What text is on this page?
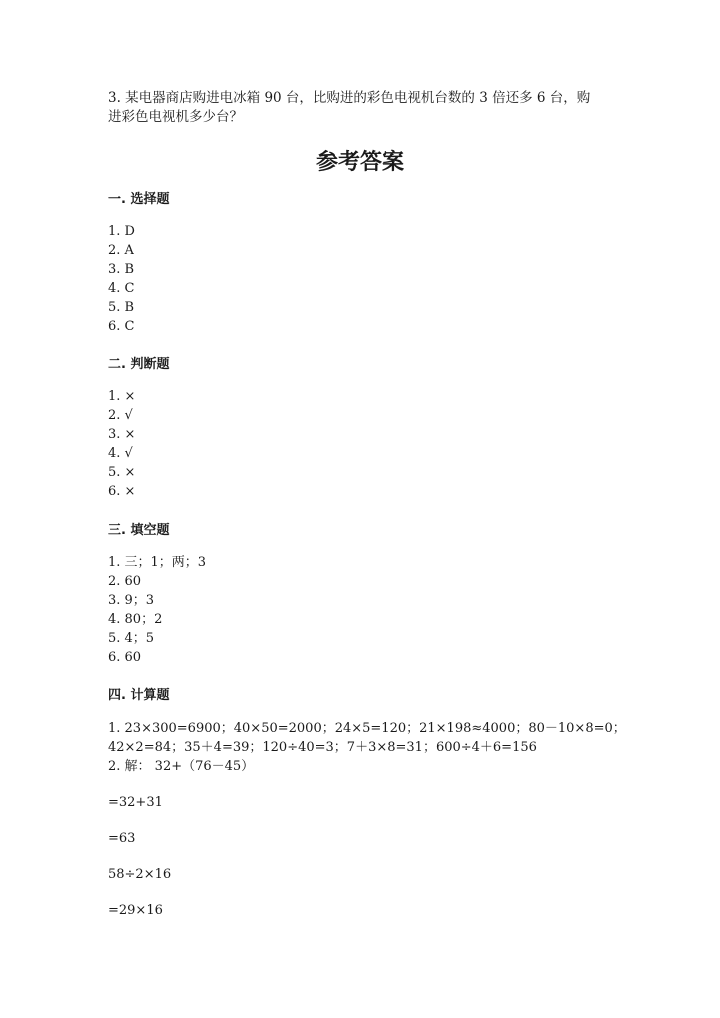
3. 某电器商店购进电冰箱 90 台，比购进的彩色电视机台数的 3 倍还多 6 台，购
进彩色电视机多少台？
参考答案
一. 选择题
1. D
2. A
3. B
4. C
5. B
6. C
二. 判断题
1. ×
2. √
3. ×
4. √
5. ×
6. ×
三. 填空题
1. 三；1；两；3
2. 60
3. 9；3
4. 80；2
5. 4；5
6. 60
四. 计算题
1. 23×300=6900；40×50=2000；24×5=120；21×198≈4000；80－10×8=0；
42×2=84；35＋4=39；120÷40=3；7＋3×8=31；600÷4＋6=156
2. 解： 32+（76－45）
=32+31
=63
58÷2×16
=29×16
